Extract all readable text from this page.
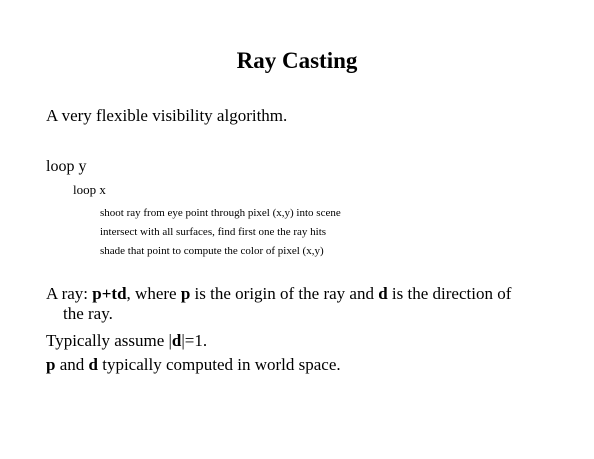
Ray Casting

A very flexible visibility algorithm.

loop y

loop x

shoot ray from eye point through pixel (x,y) into scene

intersect with all surfaces, find first one the ray hits

shade that point to compute the color of pixel (x,y)

A ray: p+td, where p is the origin of the ray and d is the direction of

the ray.

Typically assume |d|=1.

p and d typically computed in world space.
